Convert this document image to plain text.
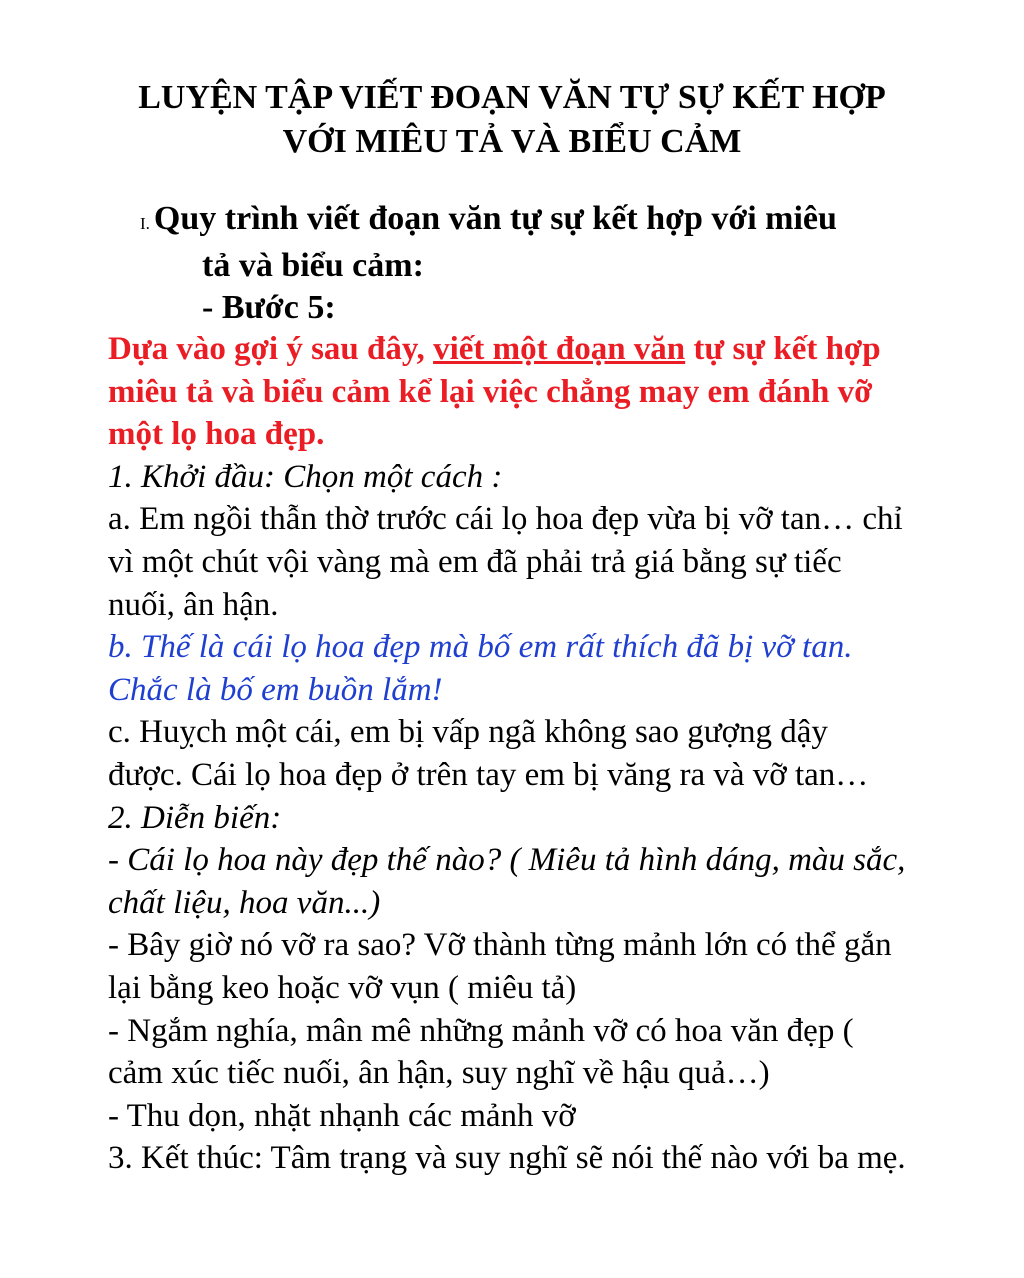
LUYỆN TẬP VIẾT ĐOẠN VĂN TỰ SỰ KẾT HỢP
VỚI MIÊU TẢ VÀ BIỂU CẢM
I. Quy trình viết đoạn văn tự sự kết hợp với miêu
tả và biểu cảm:
- Bước 5:

Dựa vào gợi ý sau đây, viết một đoạn văn tự sự kết hợp miêu tả và biểu cảm kể lại việc chẳng may em đánh vỡ một lọ hoa đẹp.

1. Khởi đầu: Chọn một cách :

a. Em ngồi thẫn thờ trước cái lọ hoa đẹp vừa bị vỡ tan… chỉ vì một chút vội vàng mà em đã phải trả giá bằng sự tiếc nuối, ân hận.

b. Thế là cái lọ hoa đẹp mà bố em rất thích đã bị vỡ tan. Chắc là bố em buồn lắm!

c. Huỵch một cái, em bị vấp ngã không sao gượng dậy được. Cái lọ hoa đẹp ở trên tay em bị văng ra và vỡ tan…

2. Diễn biến:

- Cái lọ hoa này đẹp thế nào? ( Miêu tả hình dáng, màu sắc, chất liệu, hoa văn...)

- Bây giờ nó vỡ ra sao? Vỡ thành từng mảnh lớn có thể gắn lại bằng keo hoặc vỡ vụn ( miêu tả)

- Ngắm nghía, mân mê những mảnh vỡ có hoa văn đẹp ( cảm xúc tiếc nuối, ân hận, suy nghĩ về hậu quả…)

- Thu dọn, nhặt nhạnh các mảnh vỡ

3. Kết thúc: Tâm trạng và suy nghĩ sẽ nói thế nào với ba mẹ.
